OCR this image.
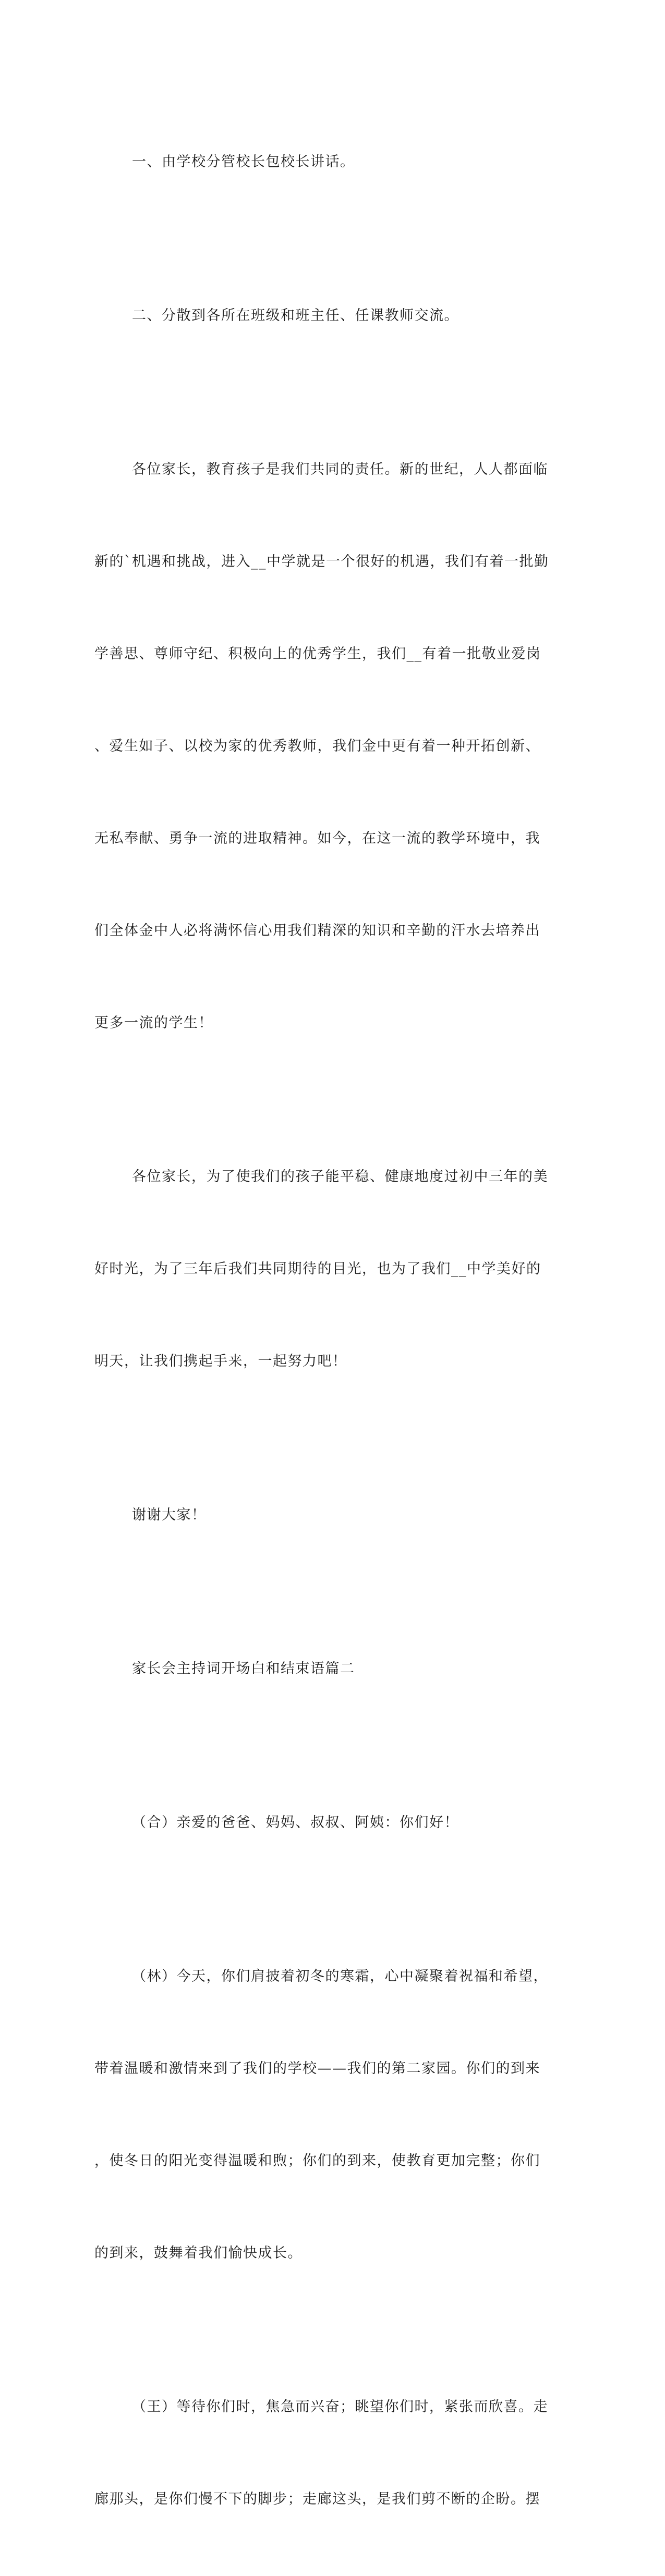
一、由学校分管校长包校长讲话。

二、分散到各所在班级和班主任、任课教师交流。

各位家长，教育孩子是我们共同的责任。新的世纪，人人都面临

新的`机遇和挑战，进入__中学就是一个很好的机遇，我们有着一批勤

学善思、尊师守纪、积极向上的优秀学生，我们__有着一批敬业爱岗

、爱生如子、以校为家的优秀教师，我们金中更有着一种开拓创新、

无私奉献、勇争一流的进取精神。如今，在这一流的教学环境中，我

们全体金中人必将满怀信心用我们精深的知识和辛勤的汗水去培养出

更多一流的学生！

各位家长，为了使我们的孩子能平稳、健康地度过初中三年的美

好时光，为了三年后我们共同期待的目光，也为了我们__中学美好的

明天，让我们携起手来，一起努力吧！

谢谢大家！

家长会主持词开场白和结束语篇二

（合）亲爱的爸爸、妈妈、叔叔、阿姨：你们好！

（林）今天，你们肩披着初冬的寒霜，心中凝聚着祝福和希望，

带着温暖和激情来到了我们的学校——我们的第二家园。你们的到来

，使冬日的阳光变得温暖和煦；你们的到来，使教育更加完整；你们

的到来，鼓舞着我们愉快成长。

（王）等待你们时，焦急而兴奋；眺望你们时，紧张而欣喜。走

廊那头，是你们慢不下的脚步；走廊这头，是我们剪不断的企盼。摆
